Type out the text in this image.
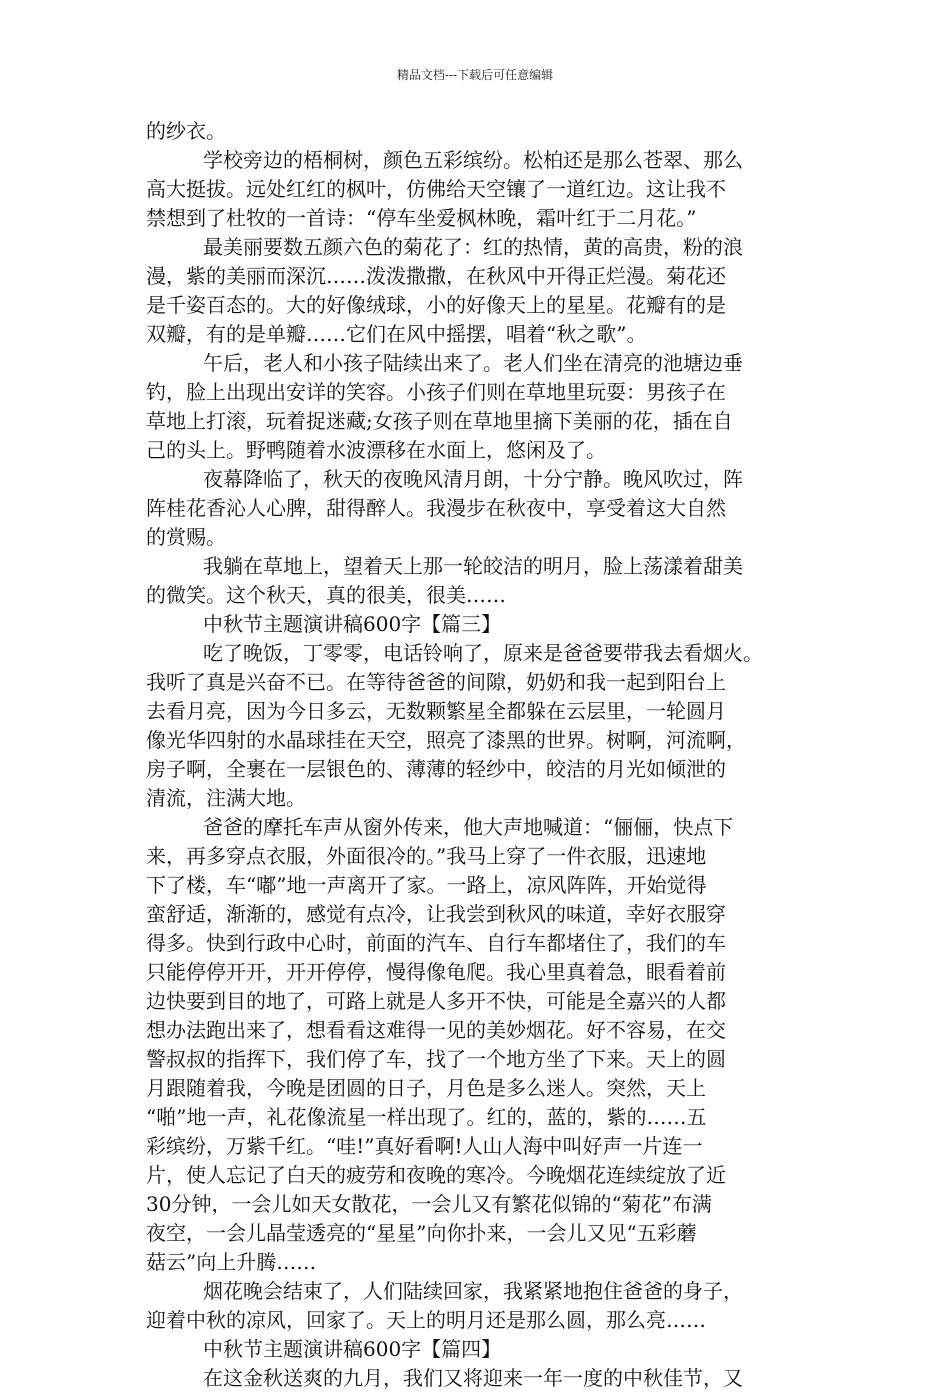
精品文档---下载后可任意编辑
的纱衣。
学校旁边的梧桐树，颜色五彩缤纷。松柏还是那么苍翠、那么
高大挺拔。远处红红的枫叶，仿佛给天空镶了一道红边。这让我不
禁想到了杜牧的一首诗：“停车坐爱枫林晚，霜叶红于二月花。”
最美丽要数五颜六色的菊花了：红的热情，黄的高贵，粉的浪
漫，紫的美丽而深沉……泼泼撒撒，在秋风中开得正烂漫。菊花还
是千姿百态的。大的好像绒球，小的好像天上的星星。花瓣有的是
双瓣，有的是单瓣……它们在风中摇摆，唱着“秋之歌”。
午后，老人和小孩子陆续出来了。老人们坐在清亮的池塘边垂
钓，脸上出现出安详的笑容。小孩子们则在草地里玩耍：男孩子在
草地上打滚，玩着捉迷藏;女孩子则在草地里摘下美丽的花，插在自
己的头上。野鸭随着水波漂移在水面上，悠闲及了。
夜幕降临了，秋天的夜晚风清月朗，十分宁静。晚风吹过，阵
阵桂花香沁人心脾，甜得醉人。我漫步在秋夜中，享受着这大自然
的赏赐。
我躺在草地上，望着天上那一轮皎洁的明月，脸上荡漾着甜美
的微笑。这个秋天，真的很美，很美……
中秋节主题演讲稿600字【篇三】
吃了晚饭，丁零零，电话铃响了，原来是爸爸要带我去看烟火。
我听了真是兴奋不已。在等待爸爸的间隙，奶奶和我一起到阳台上
去看月亮，因为今日多云，无数颗繁星全都躲在云层里，一轮圆月
像光华四射的水晶球挂在天空，照亮了漆黑的世界。树啊，河流啊，
房子啊，全裹在一层银色的、薄薄的轻纱中，皎洁的月光如倾泄的
清流，注满大地。
爸爸的摩托车声从窗外传来，他大声地喊道：“俪俪，快点下
来，再多穿点衣服，外面很冷的。”我马上穿了一件衣服，迅速地
下了楼，车“嘟”地一声离开了家。一路上，凉风阵阵，开始觉得
蛮舒适，渐渐的，感觉有点冷，让我尝到秋风的味道，幸好衣服穿
得多。快到行政中心时，前面的汽车、自行车都堵住了，我们的车
只能停停开开，开开停停，慢得像龟爬。我心里真着急，眼看着前
边快要到目的地了，可路上就是人多开不快，可能是全嘉兴的人都
想办法跑出来了，想看看这难得一见的美妙烟花。好不容易，在交
警叔叔的指挥下，我们停了车，找了一个地方坐了下来。天上的圆
月跟随着我，今晚是团圆的日子，月色是多么迷人。突然，天上
“啪”地一声，礼花像流星一样出现了。红的，蓝的，紫的……五
彩缤纷，万紫千红。“哇!”真好看啊!人山人海中叫好声一片连一
片，使人忘记了白天的疲劳和夜晚的寒冷。今晚烟花连续绽放了近
30分钟，一会儿如天女散花，一会儿又有繁花似锦的“菊花”布满
夜空，一会儿晶莹透亮的“星星”向你扑来，一会儿又见“五彩蘑
菇云”向上升腾……
烟花晚会结束了，人们陆续回家，我紧紧地抱住爸爸的身子，
迎着中秋的凉风，回家了。天上的明月还是那么圆，那么亮……
中秋节主题演讲稿600字【篇四】
在这金秋送爽的九月，我们又将迎来一年一度的中秋佳节，又
